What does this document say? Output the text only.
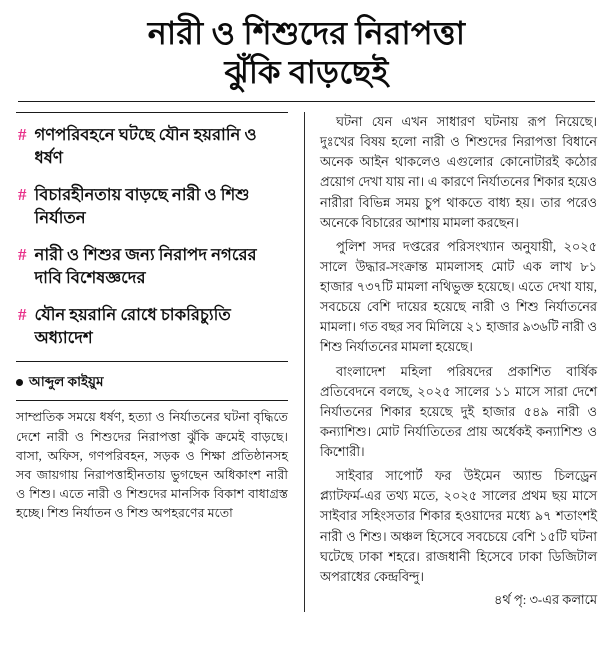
নারী ও শিশুদের নিরাপত্তা
ঝুঁকি বাড়ছেই
# গণপরিবহনে ঘটছে যৌন হয়রানি ও ধর্ষণ
# বিচারহীনতায় বাড়ছে নারী ও শিশু নির্যাতন
# নারী ও শিশুর জন্য নিরাপদ নগরের দাবি বিশেষজ্ঞদের
# যৌন হয়রানি রোধে চাকরিচ্যুতি অধ্যাদেশ
আব্দুল কাইয়ুম

সাম্প্রতিক সময়ে ধর্ষণ, হত্যা ও নির্যাতনের ঘটনা বৃদ্ধিতে দেশে নারী ও শিশুদের নিরাপত্তা ঝুঁকি ক্রমেই বাড়ছে। বাসা, অফিস, গণপরিবহন, সড়ক ও শিক্ষা প্রতিষ্ঠানসহ সব জায়গায় নিরাপত্তাহীনতায় ভুগছেন অধিকাংশ নারী ও শিশু। এতে নারী ও শিশুদের মানসিক বিকাশ বাধাগ্রস্ত হচ্ছে। শিশু নির্যাতন ও শিশু অপহরণের মতো

ঘটনা যেন এখন সাধারণ ঘটনায় রূপ নিয়েছে। দুঃখের বিষয় হলো নারী ও শিশুদের নিরাপত্তা বিধানে অনেক আইন থাকলেও এগুলোর কোনোটারই কঠোর প্রয়োগ দেখা যায় না। এ কারণে নির্যাতনের শিকার হয়েও নারীরা বিভিন্ন সময় চুপ থাকতে বাধ্য হয়। তার পরেও অনেকে বিচারের আশায় মামলা করছেন।

পুলিশ সদর দপ্তরের পরিসংখ্যান অনুযায়ী, ২০২৫ সালে উদ্ধার-সংক্রান্ত মামলাসহ মোট এক লাখ ৮১ হাজার ৭৩৭টি মামলা নথিভুক্ত হয়েছে। এতে দেখা যায়, সবচেয়ে বেশি দায়ের হয়েছে নারী ও শিশু নির্যাতনের মামলা। গত বছর সব মিলিয়ে ২১ হাজার ৯৩৬টি নারী ও শিশু নির্যাতনের মামলা হয়েছে।

বাংলাদেশ মহিলা পরিষদের প্রকাশিত বার্ষিক প্রতিবেদনে বলছে, ২০২৫ সালের ১১ মাসে সারা দেশে নির্যাতনের শিকার হয়েছে দুই হাজার ৫৪৯ নারী ও কন্যাশিশু। মোট নির্যাতিতের প্রায় অর্ধেকই কন্যাশিশু ও কিশোরী।

সাইবার সাপোর্ট ফর উইমেন অ্যান্ড চিলড্রেন প্ল্যাটফর্ম-এর তথ্য মতে, ২০২৫ সালের প্রথম ছয় মাসে সাইবার সহিংসতার শিকার হওয়াদের মধ্যে ৯৭ শতাংশই নারী ও শিশু। অঞ্চল হিসেবে সবচেয়ে বেশি ১৫টি ঘটনা ঘটেছে ঢাকা শহরে। রাজধানী হিসেবে ঢাকা ডিজিটাল অপরাধের কেন্দ্রবিন্দু।

৪র্থ পৃ: ৩-এর কলামে
